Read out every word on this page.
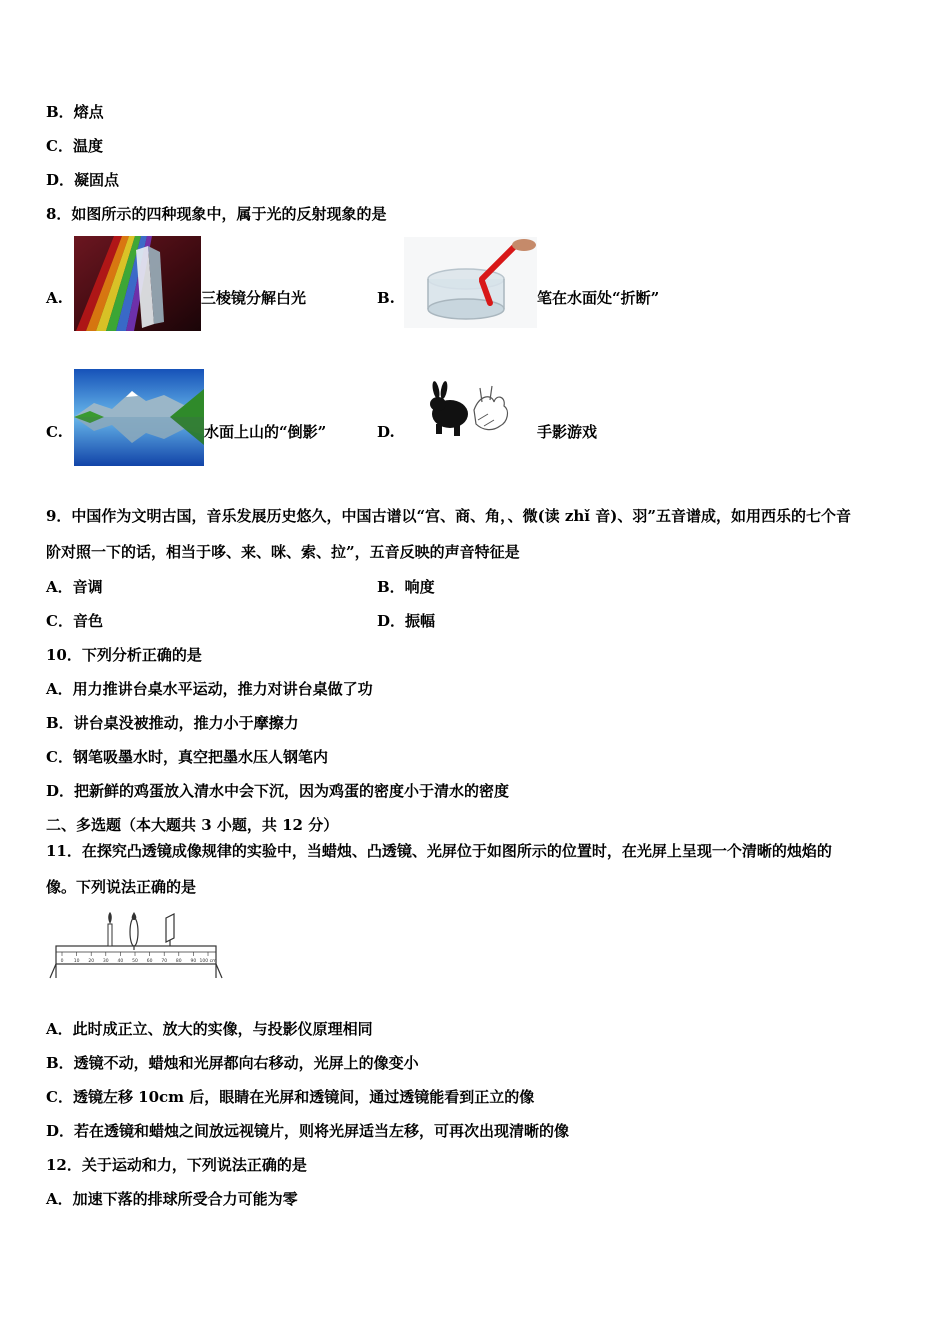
B．熔点
C．温度
D．凝固点
8．如图所示的四种现象中，属于光的反射现象的是
A.	三棱镜分解白光	B.	笔在水面处“折断”
C.	水面上山的“倒影”	D.	手影游戏
9．中国作为文明古国，音乐发展历史悠久，中国古谱以“宫、商、角，、微(读 zhǐ 音)、羽”五音谱成，如用西乐的七个音
阶对照一下的话，相当于哆、来、咪、索、拉”，五音反映的声音特征是
A．音调	B．响度
C．音色	D．振幅
10．下列分析正确的是
A．用力推讲台桌水平运动，推力对讲台桌做了功
B．讲台桌没被推动，推力小于摩擦力
C．钢笔吸墨水时，真空把墨水压人钢笔内
D．把新鲜的鸡蛋放入清水中会下沉，因为鸡蛋的密度小于清水的密度
二、多选题（本大题共 3 小题，共 12 分）
11．在探究凸透镜成像规律的实验中，当蜡烛、凸透镜、光屏位于如图所示的位置时，在光屏上呈现一个清晰的烛焰的
像。下列说法正确的是
0 10 20 30 40 50 60 70 80 90 100 cm
A．此时成正立、放大的实像，与投影仪原理相同
B．透镜不动，蜡烛和光屏都向右移动，光屏上的像变小
C．透镜左移 10cm 后，眼睛在光屏和透镜间，通过透镜能看到正立的像
D．若在透镜和蜡烛之间放远视镜片，则将光屏适当左移，可再次出现清晰的像
12．关于运动和力，下列说法正确的是
A．加速下落的排球所受合力可能为零
